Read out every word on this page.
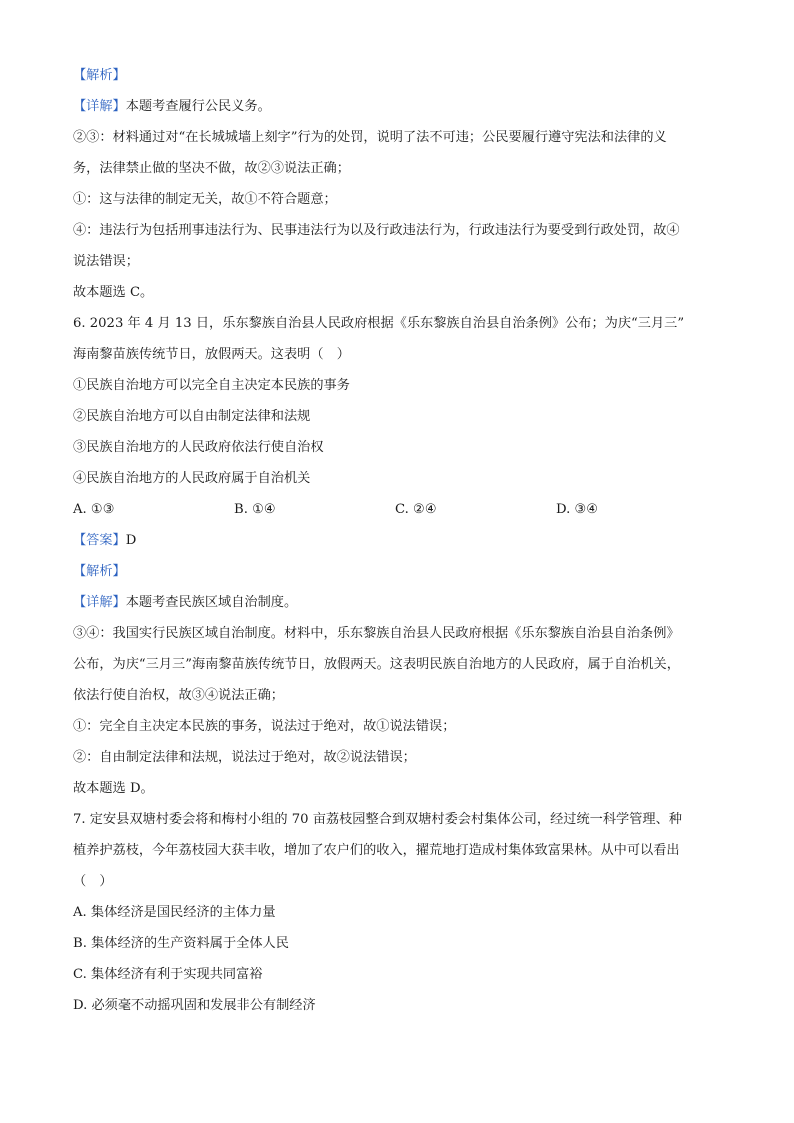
【解析】
【详解】本题考查履行公民义务。
②③：材料通过对“在长城城墙上刻字”行为的处罚，说明了法不可违；公民要履行遵守宪法和法律的义
务，法律禁止做的坚决不做，故②③说法正确；
①：这与法律的制定无关，故①不符合题意；
④：违法行为包括刑事违法行为、民事违法行为以及行政违法行为，行政违法行为要受到行政处罚，故④
说法错误；
故本题选 C。
6. 2023 年 4 月 13 日，乐东黎族自治县人民政府根据《乐东黎族自治县自治条例》公布；为庆“三月三”
海南黎苗族传统节日，放假两天。这表明（　）
①民族自治地方可以完全自主决定本民族的事务
②民族自治地方可以自由制定法律和法规
③民族自治地方的人民政府依法行使自治权
④民族自治地方的人民政府属于自治机关
A. ①③	B. ①④	C. ②④	D. ③④
【答案】D
【解析】
【详解】本题考查民族区域自治制度。
③④：我国实行民族区域自治制度。材料中，乐东黎族自治县人民政府根据《乐东黎族自治县自治条例》
公布，为庆“三月三”海南黎苗族传统节日，放假两天。这表明民族自治地方的人民政府，属于自治机关，
依法行使自治权，故③④说法正确；
①：完全自主决定本民族的事务，说法过于绝对，故①说法错误；
②：自由制定法律和法规，说法过于绝对，故②说法错误；
故本题选 D。
7. 定安县双塘村委会将和梅村小组的 70 亩荔枝园整合到双塘村委会村集体公司，经过统一科学管理、种
植养护荔枝，今年荔枝园大获丰收，增加了农户们的收入，擢荒地打造成村集体致富果林。从中可以看出
（　）
A. 集体经济是国民经济的主体力量
B. 集体经济的生产资料属于全体人民
C. 集体经济有利于实现共同富裕
D. 必须毫不动摇巩固和发展非公有制经济
